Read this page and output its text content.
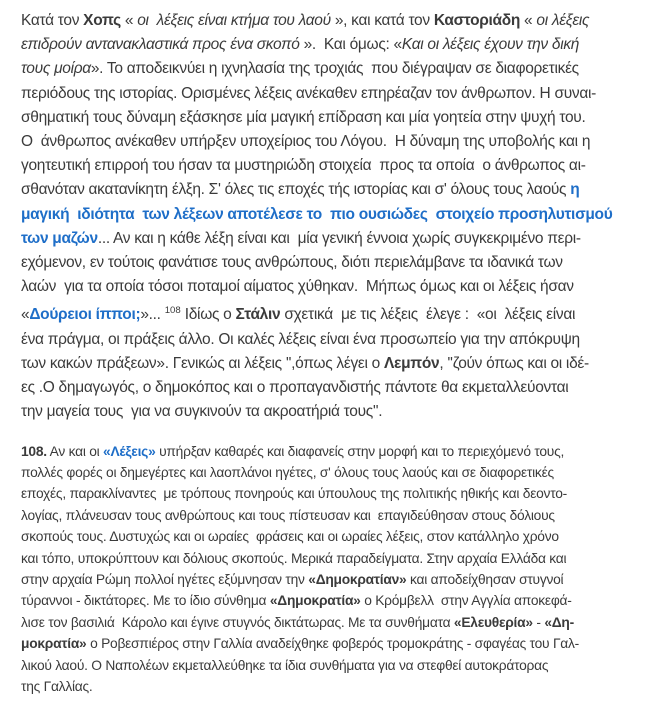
Κατά τον Χοπς « οι  λέξεις είναι κτήμα του λαού », και κατά τον Καστοριάδη « οι λέξεις
επιδρούν αντανακλαστικά προς ένα σκοπό ».  Και όμως: «Και οι λέξεις έχουν την δική
τους μοίρα». Το αποδεικνύει η ιχνηλασία της τροχιάς  που διέγραψαν σε διαφορετικές
περιόδους της ιστορίας. Ορισμένες λέξεις ανέκαθεν επηρέαζαν τον άνθρωπον. Η συναι-
σθηματική τους δύναμη εξάσκησε μία μαγική επίδραση και μία γοητεία στην ψυχή του.
Ο  άνθρωπος ανέκαθεν υπήρξεν υποχείριος του Λόγου.  Η δύναμη της υποβολής και η
γοητευτική επιρροή του ήσαν τα μυστηριώδη στοιχεία  προς τα οποία  ο άνθρωπος αι-
σθανόταν ακατανίκητη έλξη. Σ' όλες τις εποχές τής ιστορίας και σ' όλους τους λαούς η
μαγική  ιδιότητα  των λέξεων αποτέλεσε το  πιο ουσιώδες  στοιχείο προσηλυτισμού
των μαζών... Αν και η κάθε λέξη είναι και  μία γενική έννοια χωρίς συγκεκριμένο περι-
εχόμενον, εν τούτοις φανάτισε τους ανθρώπους, διότι περιελάμβανε τα ιδανικά των
λαών  για τα οποία τόσοι ποταμοί αίματος χύθηκαν.  Μήπως όμως και οι λέξεις ήσαν
«Δούρειοι ίπποι;»... $^{108}$ Ιδίως ο Στάλιν σχετικά  με τις λέξεις  έλεγε :  «οι  λέξεις είναι
ένα πράγμα, οι πράξεις άλλο. Οι καλές λέξεις είναι ένα προσωπείο για την απόκρυψη
των κακών πράξεων». Γενικώς αι λέξεις '',όπως λέγει ο Λεμπόν, ''ζούν όπως και οι ιδέ-
ες .Ο δημαγωγός, ο δημοκόπος και ο προπαγανδιστής πάντοτε θα εκμεταλλεύονται
την μαγεία τους  για να συγκινούν τα ακροατήριά τους''.
108. Αν και οι «Λέξεις» υπήρξαν καθαρές και διαφανείς στην μορφή και το περιεχόμενό τους,
πολλές φορές οι δημεγέρτες και λαοπλάνοι ηγέτες, σ' όλους τους λαούς και σε διαφορετικές
εποχές, παρακλίναντες  με τρόπους πονηρούς και ύπουλους της πολιτικής ηθικής και δεοντο-
λογίας, πλάνευσαν τους ανθρώπους και τους πίστευσαν και  επαγιδεύθησαν στους δόλιους
σκοπούς τους. Δυστυχώς και οι ωραίες  φράσεις και οι ωραίες λέξεις, στον κατάλληλο χρόνο
και τόπο, υποκρύπτουν και δόλιους σκοπούς. Μερικά παραδείγματα. Στην αρχαία Ελλάδα και
στην αρχαία Ρώμη πολλοί ηγέτες εξύμνησαν την «Δημοκρατίαν» και αποδείχθησαν στυγνοί
τύραννοι - δικτάτορες. Με το ίδιο σύνθημα «Δημοκρατία» ο Κρόμβελλ  στην Αγγλία αποκεφά-
λισε τον βασιλιά  Κάρολο και έγινε στυγνός δικτάτωρας. Με τα συνθήματα «Ελευθερία» - «Δη-
μοκρατία» ο Ροβεσπιέρος στην Γαλλία αναδείχθηκε φοβερός τρομοκράτης - σφαγέας του Γαλ-
λικού λαού. Ο Ναπολέων εκμεταλλεύθηκε τα ίδια συνθήματα για να στεφθεί αυτοκράτορας
της Γαλλίας.
